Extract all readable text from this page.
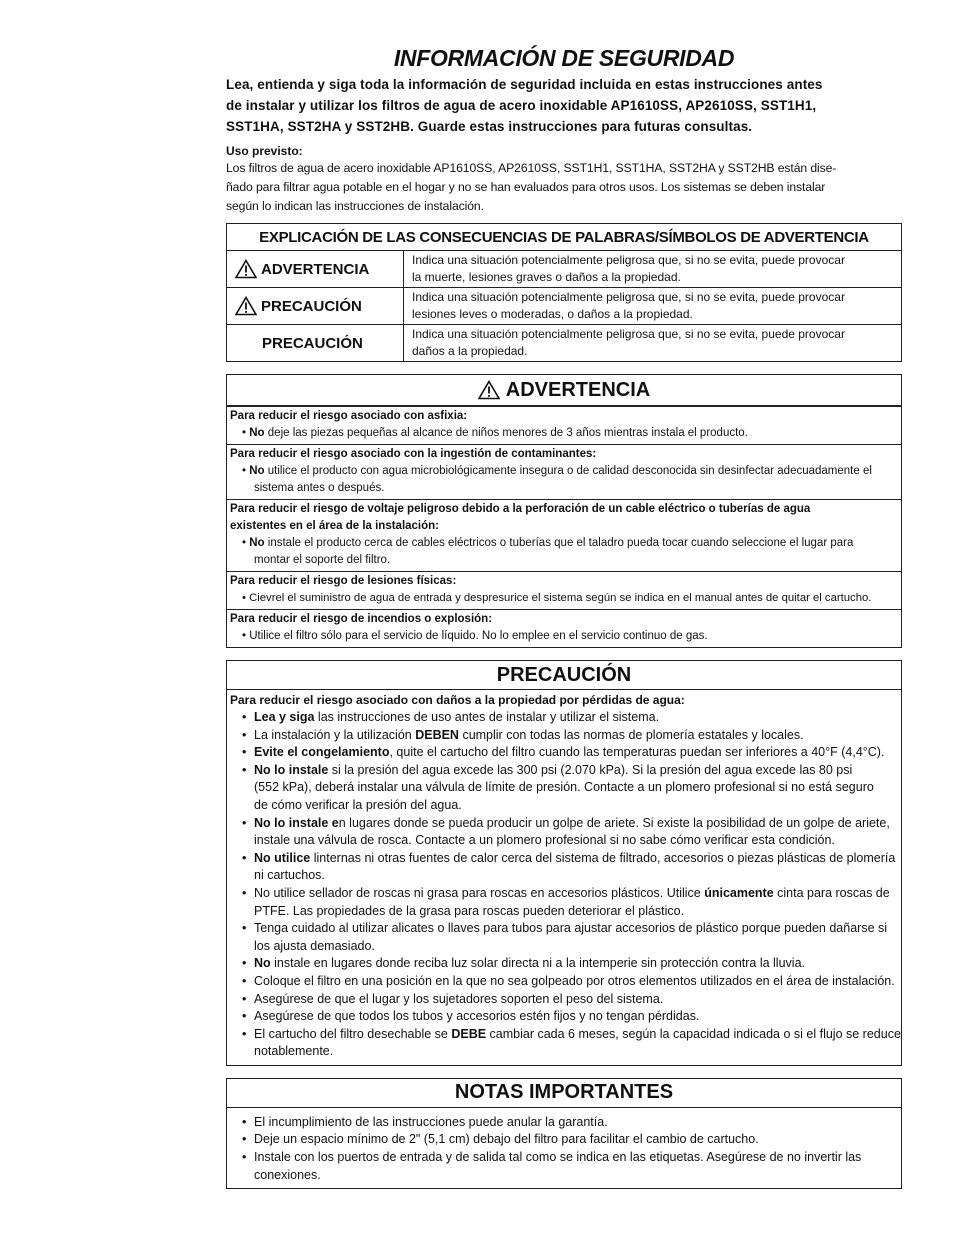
INFORMACIÓN DE SEGURIDAD
Lea, entienda y siga toda la información de seguridad incluida en estas instrucciones antes
de instalar y utilizar los filtros de agua de acero inoxidable AP1610SS, AP2610SS, SST1H1,
SST1HA, SST2HA y SST2HB. Guarde estas instrucciones para futuras consultas.
Uso previsto:
Los filtros de agua de acero inoxidable AP1610SS, AP2610SS, SST1H1, SST1HA, SST2HA y SST2HB están dise-
ñado para filtrar agua potable en el hogar y no se han evaluados para otros usos. Los sistemas se deben instalar
según lo indican las instrucciones de instalación.
EXPLICACIÓN DE LAS CONSECUENCIAS DE PALABRAS/SÍMBOLOS DE ADVERTENCIA	

ADVERTENCIA	Indica una situación potencialmente peligrosa que, si no se evita, puede provocar
la muerte, lesiones graves o daños a la propiedad.

PRECAUCIÓN	Indica una situación potencialmente peligrosa que, si no se evita, puede provocar
lesiones leves o moderadas, o daños a la propiedad.

PRECAUCIÓN	Indica una situación potencialmente peligrosa que, si no se evita, puede provocar
daños a la propiedad.
ADVERTENCIA
Para reducir el riesgo asociado con asfixia:
• No deje las piezas pequeñas al alcance de niños menores de 3 años mientras instala el producto.
Para reducir el riesgo asociado con la ingestión de contaminantes:
• No utilice el producto con agua microbiológicamente insegura o de calidad desconocida sin desinfectar adecuadamente el
sistema antes o después.
Para reducir el riesgo de voltaje peligroso debido a la perforación de un cable eléctrico o tuberías de agua
existentes en el área de la instalación:
• No instale el producto cerca de cables eléctricos o tuberías que el taladro pueda tocar cuando seleccione el lugar para
montar el soporte del filtro.
Para reducir el riesgo de lesiones físicas:
• Cievrel el suministro de agua de entrada y despresurice el sistema según se indica en el manual antes de quitar el cartucho.
Para reducir el riesgo de incendios o explosión:
• Utilice el filtro sólo para el servicio de líquido. No lo emplee en el servicio continuo de gas.
PRECAUCIÓN
Para reducir el riesgo asociado con daños a la propiedad por pérdidas de agua:
• Lea y siga las instrucciones de uso antes de instalar y utilizar el sistema.
• La instalación y la utilización DEBEN cumplir con todas las normas de plomería estatales y locales.
• Evite el congelamiento, quite el cartucho del filtro cuando las temperaturas puedan ser inferiores a 40°F (4,4°C).
• No lo instale si la presión del agua excede las 300 psi (2.070 kPa). Si la presión del agua excede las 80 psi
(552 kPa), deberá instalar una válvula de límite de presión. Contacte a un plomero profesional si no está seguro
de cómo verificar la presión del agua.
• No lo instale en lugares donde se pueda producir un golpe de ariete. Si existe la posibilidad de un golpe de ariete,
instale una válvula de rosca. Contacte a un plomero profesional si no sabe cómo verificar esta condición.
• No utilice linternas ni otras fuentes de calor cerca del sistema de filtrado, accesorios o piezas plásticas de plomería
ni cartuchos.
• No utilice sellador de roscas ni grasa para roscas en accesorios plásticos. Utilice únicamente cinta para roscas de
PTFE. Las propiedades de la grasa para roscas pueden deteriorar el plástico.
• Tenga cuidado al utilizar alicates o llaves para tubos para ajustar accesorios de plástico porque pueden dañarse si
los ajusta demasiado.
• No instale en lugares donde reciba luz solar directa ni a la intemperie sin protección contra la lluvia.
• Coloque el filtro en una posición en la que no sea golpeado por otros elementos utilizados en el área de instalación.
• Asegúrese de que el lugar y los sujetadores soporten el peso del sistema.
• Asegúrese de que todos los tubos y accesorios estén fijos y no tengan pérdidas.
• El cartucho del filtro desechable se DEBE cambiar cada 6 meses, según la capacidad indicada o si el flujo se reduce
notablemente.
NOTAS IMPORTANTES
• El incumplimiento de las instrucciones puede anular la garantía.
• Deje un espacio mínimo de 2" (5,1 cm) debajo del filtro para facilitar el cambio de cartucho.
• Instale con los puertos de entrada y de salida tal como se indica en las etiquetas. Asegúrese de no invertir las
conexiones.
